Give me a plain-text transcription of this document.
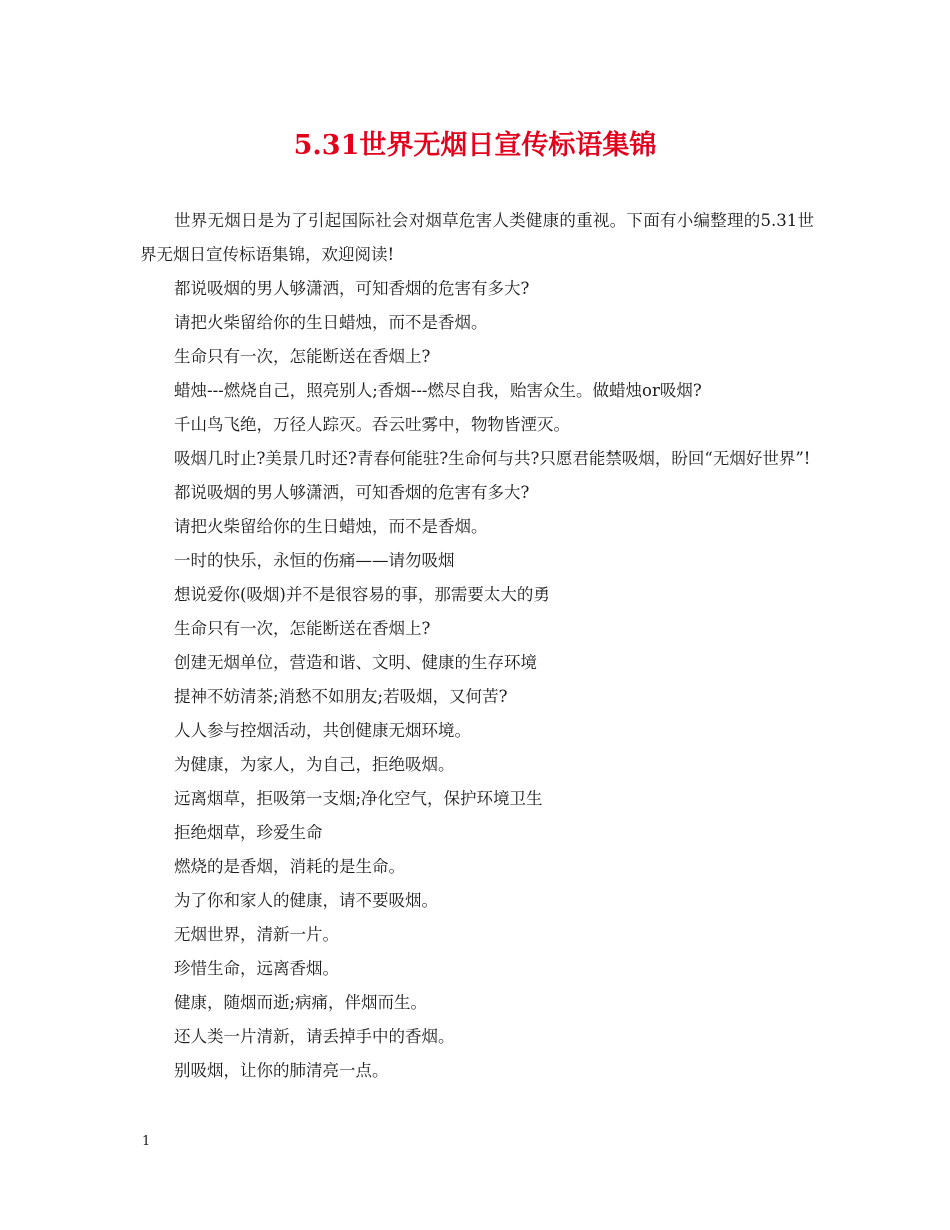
5.31世界无烟日宣传标语集锦

世界无烟日是为了引起国际社会对烟草危害人类健康的重视。下面有小编整理的5.31世界无烟日宣传标语集锦，欢迎阅读!

都说吸烟的男人够潇洒，可知香烟的危害有多大?

请把火柴留给你的生日蜡烛，而不是香烟。

生命只有一次，怎能断送在香烟上?

蜡烛---燃烧自己，照亮别人;香烟---燃尽自我，贻害众生。做蜡烛or吸烟?

千山鸟飞绝，万径人踪灭。吞云吐雾中，物物皆湮灭。

吸烟几时止?美景几时还?青春何能驻?生命何与共?只愿君能禁吸烟，盼回“无烟好世界”!

都说吸烟的男人够潇洒，可知香烟的危害有多大?

请把火柴留给你的生日蜡烛，而不是香烟。

一时的快乐，永恒的伤痛——请勿吸烟

想说爱你(吸烟)并不是很容易的事，那需要太大的勇

生命只有一次，怎能断送在香烟上?

创建无烟单位，营造和谐、文明、健康的生存环境

提神不妨清茶;消愁不如朋友;若吸烟，又何苦?

人人参与控烟活动，共创健康无烟环境。

为健康，为家人，为自己，拒绝吸烟。

远离烟草，拒吸第一支烟;净化空气，保护环境卫生

拒绝烟草，珍爱生命

燃烧的是香烟，消耗的是生命。

为了你和家人的健康，请不要吸烟。

无烟世界，清新一片。

珍惜生命，远离香烟。

健康，随烟而逝;病痛，伴烟而生。

还人类一片清新，请丢掉手中的香烟。

别吸烟，让你的肺清亮一点。

1
